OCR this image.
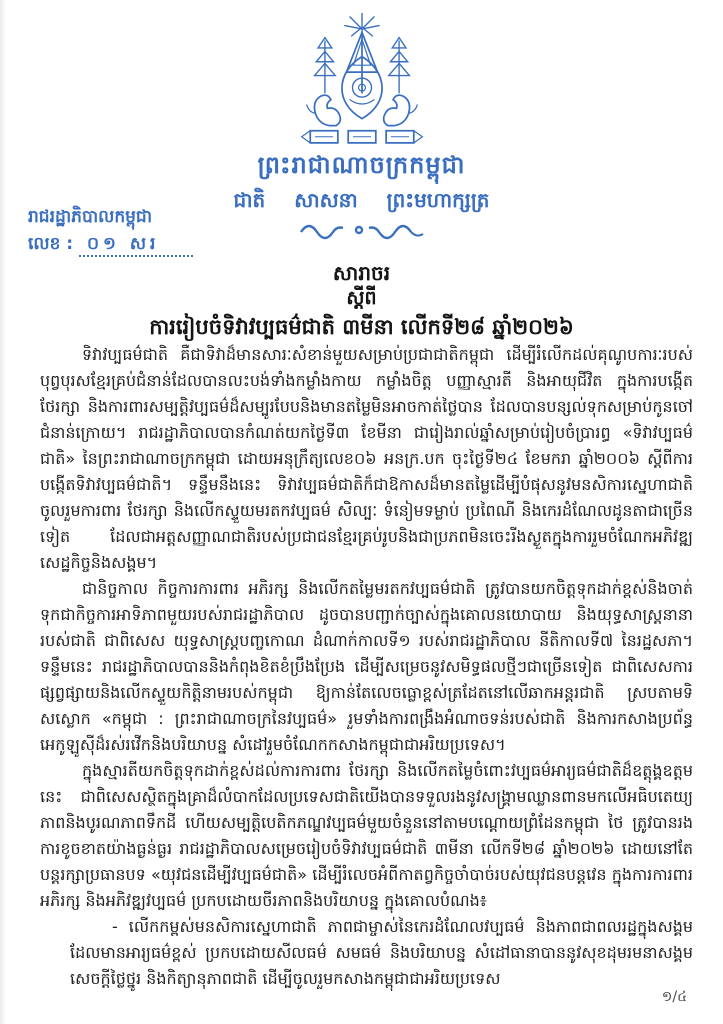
ព្រះរាជាណាចក្រកម្ពុជា
ជាតិ សាសនា ព្រះមហាក្សត្រ
រាជរដ្ឋាភិបាលកម្ពុជា
លេខ : ០១ សរ
សារាចរ
ស្តីពី
ការរៀបចំទិវាវប្បធម៌ជាតិ ៣មីនា លើកទី២៨ ឆ្នាំ២០២៦

ទិវាវប្បធម៌ជាតិ គឺជាទិវាដ៏មានសារៈសំខាន់មួយសម្រាប់ប្រជាជាតិកម្ពុជា ដើម្បីរំលើកដល់គុណូបការៈរបស់បុព្វបុរសខ្មែរគ្រប់ជំនាន់ដែលបានលះបង់ទាំងកម្លាំងកាយ កម្លាំងចិត្ត បញ្ញាស្មារតី និងអាយុជីវិត ក្នុងការបង្កើត ថែរក្សា និងការពារសម្បត្តិវប្បធម៌ដ៏សម្បូរបែបនិងមានតម្លៃមិនអាចកាត់ថ្លៃបាន ដែលបានបន្សល់ទុកសម្រាប់កូនចៅជំនាន់ក្រោយ។ រាជរដ្ឋាភិបាលបានកំណត់យកថ្ងៃទី៣ ខែមីនា ជារៀងរាល់ឆ្នាំសម្រាប់រៀបចំប្រារព្ធ «ទិវាវប្បធម៌ជាតិ» នៃព្រះរាជាណាចក្រកម្ពុជា ដោយអនុក្រឹត្យលេខ០៦ អនក្រ.បក ចុះថ្ងៃទី២៤ ខែមករា ឆ្នាំ២០០៦ ស្តីពីការបង្កើតទិវាវប្បធម៌ជាតិ។ ទន្ទឹមនឹងនេះ ទិវាវប្បធម៌ជាតិក៏ជាឱកាសដ៏មានតម្លៃដើម្បីបំផុសនូវមនសិការស្នេហាជាតិ ចូលរួមការពារ ថែរក្សា និងលើកស្ទួយមរតកវប្បធម៌ សិល្បៈ ទំនៀមទម្លាប់ ប្រពៃណី និងកេរដំណែលដូនតាជាច្រើនទៀត ដែលជាអត្តសញ្ញាណជាតិរបស់ប្រជាជនខ្មែរគ្រប់រូបនិងជាប្រភពមិនចេះរីងស្ងួតក្នុងការរួមចំណែកអភិវឌ្ឍសេដ្ឋកិច្ចនិងសង្គម។

ជានិច្ចកាល កិច្ចការការពារ អភិរក្ស និងលើកតម្លៃមរតកវប្បធម៌ជាតិ ត្រូវបានយកចិត្តទុកដាក់ខ្ពស់និងចាត់ទុកជាកិច្ចការអាទិភាពមួយរបស់រាជរដ្ឋាភិបាល ដូចបានបញ្ជាក់ច្បាស់ក្នុងគោលនយោបាយ និងយុទ្ធសាស្ត្រនានារបស់ជាតិ ជាពិសេស យុទ្ធសាស្ត្របញ្ចកោណ ដំណាក់កាលទី១ របស់រាជរដ្ឋាភិបាល នីតិកាលទី៧ នៃរដ្ឋសភា។ ទន្ទឹមនេះ រាជរដ្ឋាភិបាលបាននិងកំពុងខិតខំប្រឹងប្រែង ដើម្បីសម្រេចនូវសមិទ្ធផលថ្មីៗជាច្រើនទៀត ជាពិសេសការផ្សព្វផ្សាយនិងលើកស្ទួយកិត្តិនាមរបស់កម្ពុជា ឱ្យកាន់តែលេចធ្លោខ្ពស់ត្រដែតនៅលើឆាកអន្តរជាតិ ស្របតាមទិសស្លោក «កម្ពុជា : ព្រះរាជាណាចក្រនៃវប្បធម៌» រួមទាំងការពង្រឹងអំណាចទន់របស់ជាតិ និងការកសាងប្រព័ន្ធអេកូឡូស៊ីដ៏រស់រវើកនិងបរិយាបន្ន សំដៅរួមចំណែកកសាងកម្ពុជាជាអរិយប្រទេស។

ក្នុងស្មារតីយកចិត្តទុកដាក់ខ្ពស់ដល់ការការពារ ថែរក្សា និងលើកតម្លៃចំពោះវប្បធម៌អារ្យធម៌ជាតិដ៏ឧត្តុង្គឧត្តមនេះ ជាពិសេសស្ថិតក្នុងគ្រាដ៏លំបាកដែលប្រទេសជាតិយើងបានទទួលរងនូវសង្គ្រាមឈ្លានពានមកលើអធិបតេយ្យភាពនិងបូរណភាពទឹកដី ហើយសម្បត្តិបេតិកភណ្ឌវប្បធម៌មួយចំនួននៅតាមបណ្ដោយព្រំដែនកម្ពុជា ថៃ ត្រូវបានរងការខូចខាតយ៉ាងធ្ងន់ធ្ងរ រាជរដ្ឋាភិបាលសម្រេចរៀបចំទិវាវប្បធម៌ជាតិ ៣មីនា លើកទី២៨ ឆ្នាំ២០២៦ ដោយនៅតែបន្តរក្សាប្រធានបទ «យុវជនដើម្បីវប្បធម៌ជាតិ» ដើម្បីរំលេចអំពីកាតព្វកិច្ចចាំបាច់របស់យុវជនបន្តវេន ក្នុងការការពារ អភិរក្ស និងអភិវឌ្ឍវប្បធម៌ ប្រកបដោយចីរភាពនិងបរិយាបន្ន ក្នុងគោលបំណង៖

- លើកកម្ពស់មនសិការស្នេហាជាតិ ភាពជាម្ចាស់នៃកេរដំណែលវប្បធម៌ និងភាពជាពលរដ្ឋក្នុងសង្គមដែលមានអារ្យធម៌ខ្ពស់ ប្រកបដោយសីលធម៌ សមធម៌ និងបរិយាបន្ន សំដៅធានាបាននូវសុខដុមរមនាសង្គម សេចក្ដីថ្លៃថ្នូរ និងកិត្យានុភាពជាតិ ដើម្បីចូលរួមកសាងកម្ពុជាជាអរិយប្រទេស

១/៤
